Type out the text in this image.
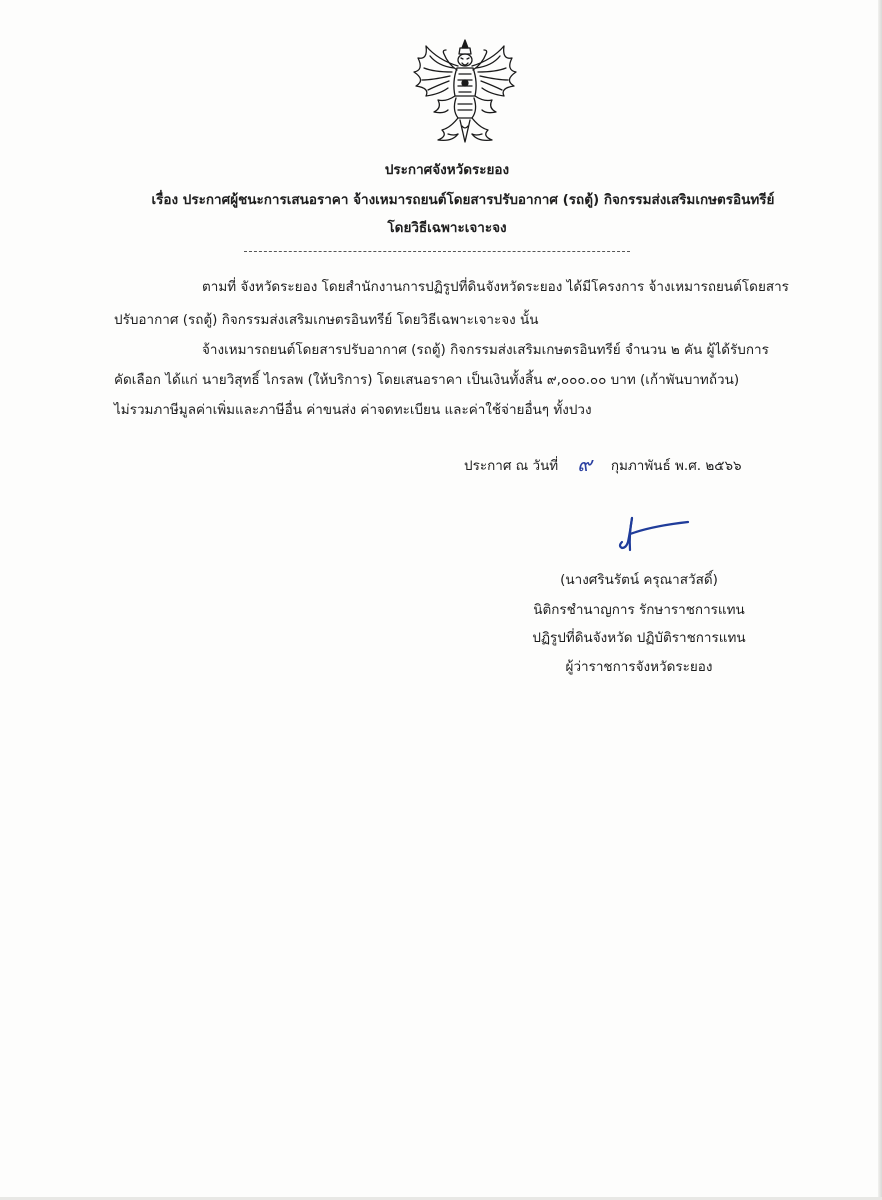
ประกาศจังหวัดระยอง
เรื่อง ประกาศผู้ชนะการเสนอราคา จ้างเหมารถยนต์โดยสารปรับอากาศ (รถตู้) กิจกรรมส่งเสริมเกษตรอินทรีย์
โดยวิธีเฉพาะเจาะจง
ตามที่ จังหวัดระยอง โดยสำนักงานการปฏิรูปที่ดินจังหวัดระยอง ได้มีโครงการ จ้างเหมารถยนต์โดยสาร
ปรับอากาศ (รถตู้) กิจกรรมส่งเสริมเกษตรอินทรีย์ โดยวิธีเฉพาะเจาะจง นั้น
จ้างเหมารถยนต์โดยสารปรับอากาศ (รถตู้) กิจกรรมส่งเสริมเกษตรอินทรีย์ จำนวน ๒ คัน ผู้ได้รับการ
คัดเลือก ได้แก่ นายวิสุทธิ์ ไกรลพ (ให้บริการ) โดยเสนอราคา เป็นเงินทั้งสิ้น ๙,๐๐๐.๐๐ บาท (เก้าพันบาทถ้วน)
ไม่รวมภาษีมูลค่าเพิ่มและภาษีอื่น ค่าขนส่ง ค่าจดทะเบียน และค่าใช้จ่ายอื่นๆ ทั้งปวง
ประกาศ ณ วันที่ ๙ กุมภาพันธ์ พ.ศ. ๒๕๖๖
(นางศรินรัตน์ ครุณาสวัสดิ์)
นิติกรชำนาญการ รักษาราชการแทน
ปฏิรูปที่ดินจังหวัด ปฏิบัติราชการแทน
ผู้ว่าราชการจังหวัดระยอง
